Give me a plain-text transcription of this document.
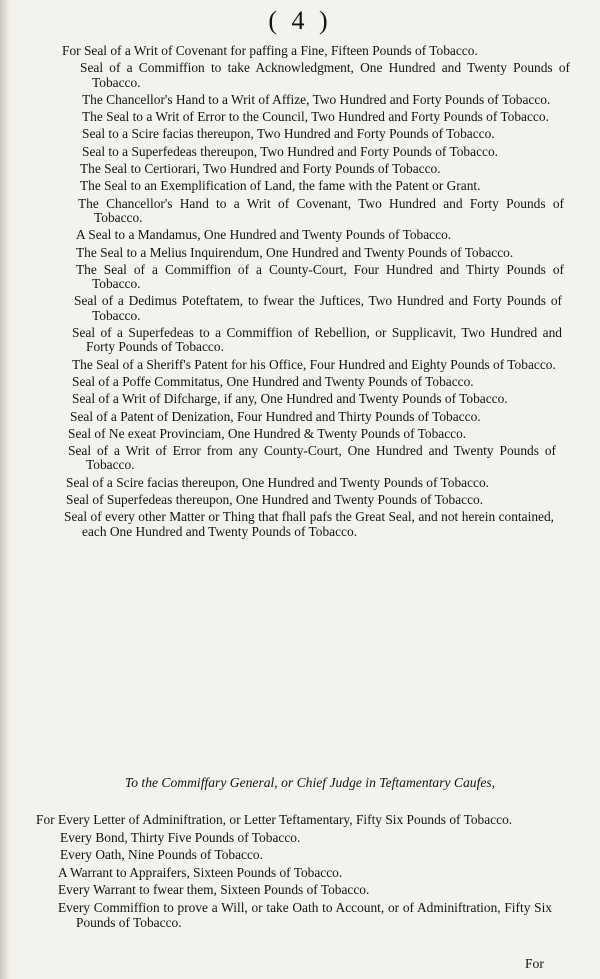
( 4 )

For Seal of a Writ of Covenant for paffing a Fine, Fifteen Pounds of Tobacco.

Seal of a Commiffion to take Acknowledgment, One Hundred and Twenty Pounds of Tobacco.

The Chancellor's Hand to a Writ of Affize, Two Hundred and Forty Pounds of Tobacco.

The Seal to a Writ of Error to the Council, Two Hundred and Forty Pounds of Tobacco.

Seal to a Scire facias thereupon, Two Hundred and Forty Pounds of Tobacco.

Seal to a Superfedeas thereupon, Two Hundred and Forty Pounds of Tobacco.

The Seal to Certiorari, Two Hundred and Forty Pounds of Tobacco.

The Seal to an Exemplification of Land, the fame with the Patent or Grant.

The Chancellor's Hand to a Writ of Covenant, Two Hundred and Forty Pounds of Tobacco.

A Seal to a Mandamus, One Hundred and Twenty Pounds of Tobacco.

The Seal to a Melius Inquirendum, One Hundred and Twenty Pounds of Tobacco.

The Seal of a Commiffion of a County-Court, Four Hundred and Thirty Pounds of Tobacco.

Seal of a Dedimus Poteftatem, to fwear the Juftices, Two Hundred and Forty Pounds of Tobacco.

Seal of a Superfedeas to a Commiffion of Rebellion, or Supplicavit, Two Hundred and Forty Pounds of Tobacco.

The Seal of a Sheriff's Patent for his Office, Four Hundred and Eighty Pounds of Tobacco.

Seal of a Poffe Commitatus, One Hundred and Twenty Pounds of Tobacco.

Seal of a Writ of Difcharge, if any, One Hundred and Twenty Pounds of Tobacco.

Seal of a Patent of Denization, Four Hundred and Thirty Pounds of Tobacco.

Seal of Ne exeat Provinciam, One Hundred & Twenty Pounds of Tobacco.

Seal of a Writ of Error from any County-Court, One Hundred and Twenty Pounds of Tobacco.

Seal of a Scire facias thereupon, One Hundred and Twenty Pounds of Tobacco.

Seal of Superfedeas thereupon, One Hundred and Twenty Pounds of Tobacco.

Seal of every other Matter or Thing that fhall pafs the Great Seal, and not herein contained, each One Hundred and Twenty Pounds of Tobacco.

To the Commiffary General, or Chief Judge in Teftamentary Caufes,

For Every Letter of Adminiftration, or Letter Teftamentary, Fifty Six Pounds of Tobacco.

Every Bond, Thirty Five Pounds of Tobacco.

Every Oath, Nine Pounds of Tobacco.

A Warrant to Appraifers, Sixteen Pounds of Tobacco.

Every Warrant to fwear them, Sixteen Pounds of Tobacco.

Every Commiffion to prove a Will, or take Oath to Account, or of Adminiftration, Fifty Six Pounds of Tobacco.

For
